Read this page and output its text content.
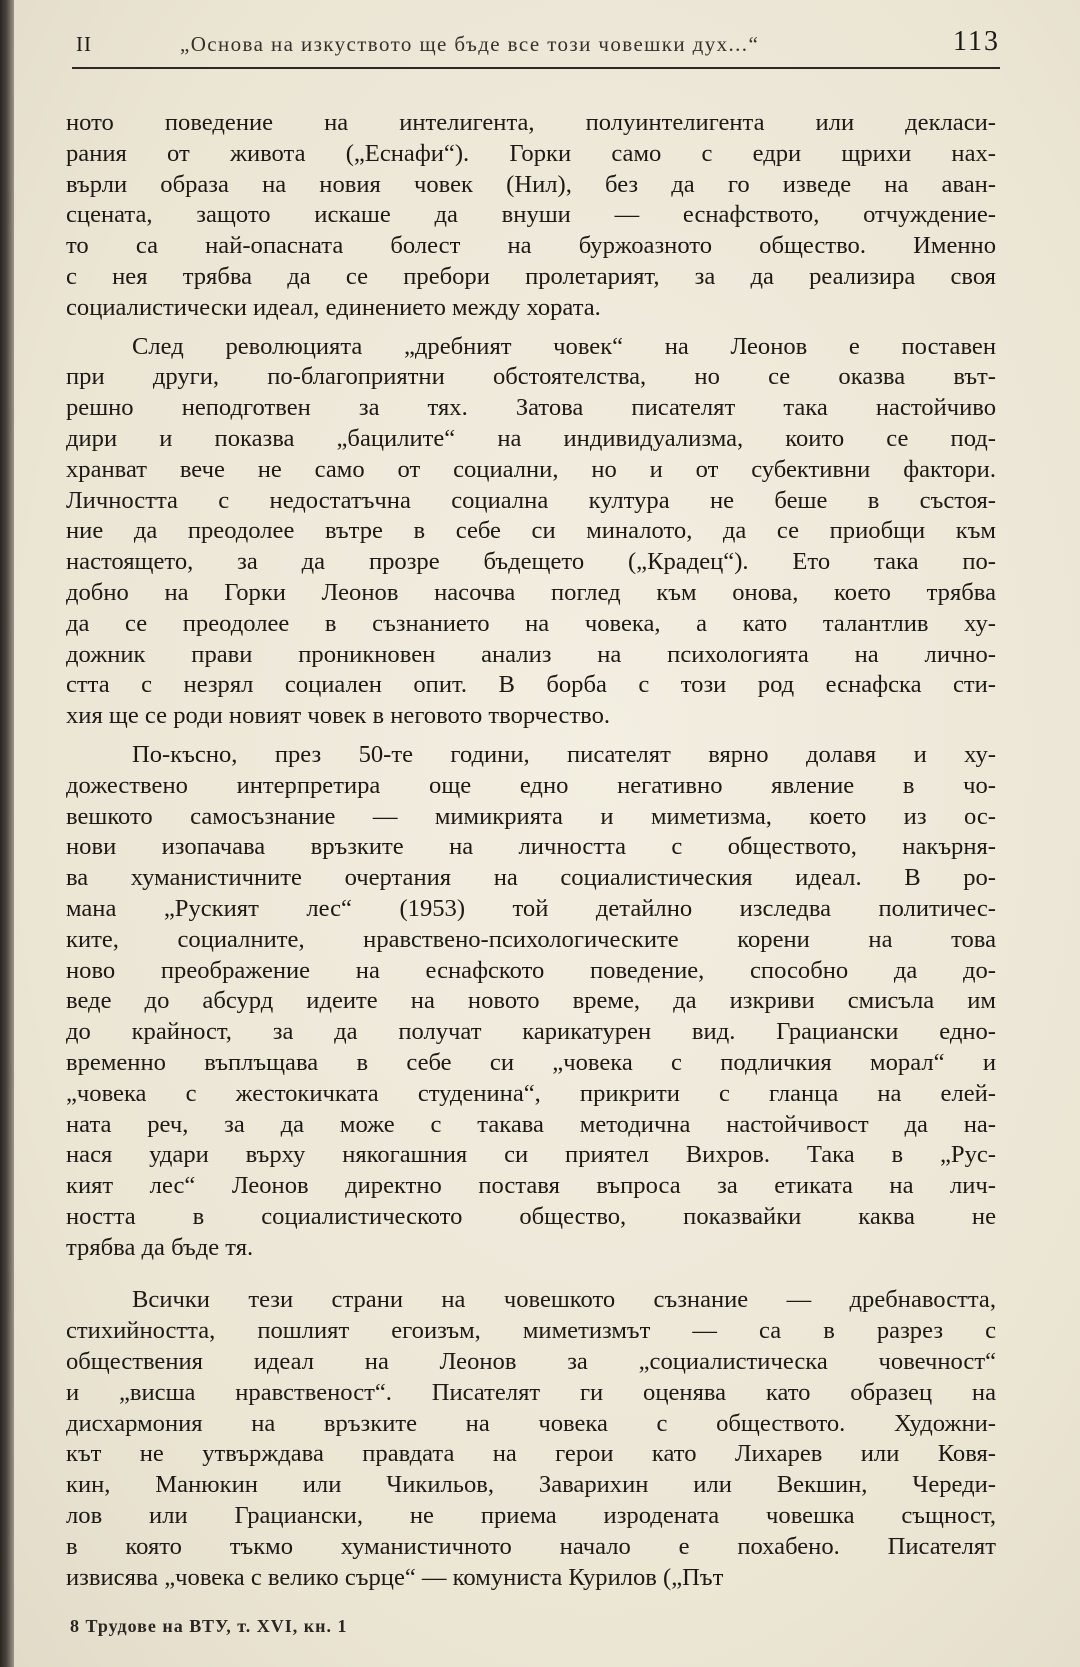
II	„Основа на изкуството ще бъде все този човешки дух...“	113

ното поведение на интелигента, полуинтелигента или декласи-
рания от живота („Еснафи“). Горки само с едри щрихи нах-
върли образа на новия човек (Нил), без да го изведе на аван-
сцената, защото искаше да внуши — еснафството, отчуждение-
то са най-опасната болест на буржоазното общество. Именно
с нея трябва да се пребори пролетарият, за да реализира своя
социалистически идеал, единението между хората.

След революцията „дребният човек“ на Леонов е поставен
при други, по-благоприятни обстоятелства, но се оказва вът-
решно неподготвен за тях. Затова писателят така настойчиво
дири и показва „бацилите“ на индивидуализма, които се под-
хранват вече не само от социални, но и от субективни фактори.
Личността с недостатъчна социална култура не беше в състоя-
ние да преодолее вътре в себе си миналото, да се приобщи към
настоящето, за да прозре бъдещето („Крадец“). Ето така по-
добно на Горки Леонов насочва поглед към онова, което трябва
да се преодолее в съзнанието на човека, а като талантлив ху-
дожник прави проникновен анализ на психологията на лично-
стта с незрял социален опит. В борба с този род еснафска сти-
хия ще се роди новият човек в неговото творчество.

По-късно, през 50-те години, писателят вярно долавя и ху-
дожествено интерпретира още едно негативно явление в чо-
вешкото самосъзнание — мимикрията и миметизма, което из ос-
нови изопачава връзките на личността с обществото, накърня-
ва хуманистичните очертания на социалистическия идеал. В ро-
мана „Руският лес“ (1953) той детайлно изследва политичес-
ките, социалните, нравствено-психологическите корени на това
ново преображение на еснафското поведение, способно да до-
веде до абсурд идеите на новото време, да изкриви смисъла им
до крайност, за да получат карикатурен вид. Грациански едно-
временно въплъщава в себе си „човека с подличкия морал“ и
„човека с жестокичката студенина“, прикрити с гланца на елей-
ната реч, за да може с такава методична настойчивост да на-
нася удари върху някогашния си приятел Вихров. Така в „Рус-
кият лес“ Леонов директно поставя въпроса за етиката на лич-
ността в социалистическото общество, показвайки каква не
трябва да бъде тя.

Всички тези страни на човешкото съзнание — дребнавостта,
стихийността, пошлият егоизъм, миметизмът — са в разрез с
обществения идеал на Леонов за „социалистическа човечност“
и „висша нравственост“. Писателят ги оценява като образец на
дисхармония на връзките на човека с обществото. Художни-
кът не утвърждава правдата на герои като Лихарев или Ковя-
кин, Манюкин или Чикильов, Заварихин или Векшин, Череди-
лов или Грациански, не приема изродената човешка същност,
в която тъкмо хуманистичното начало е похабено. Писателят
извисява „човека с велико сърце“ — комуниста Курилов („Път

8 Трудове на ВТУ, т. XVI, кн. 1
